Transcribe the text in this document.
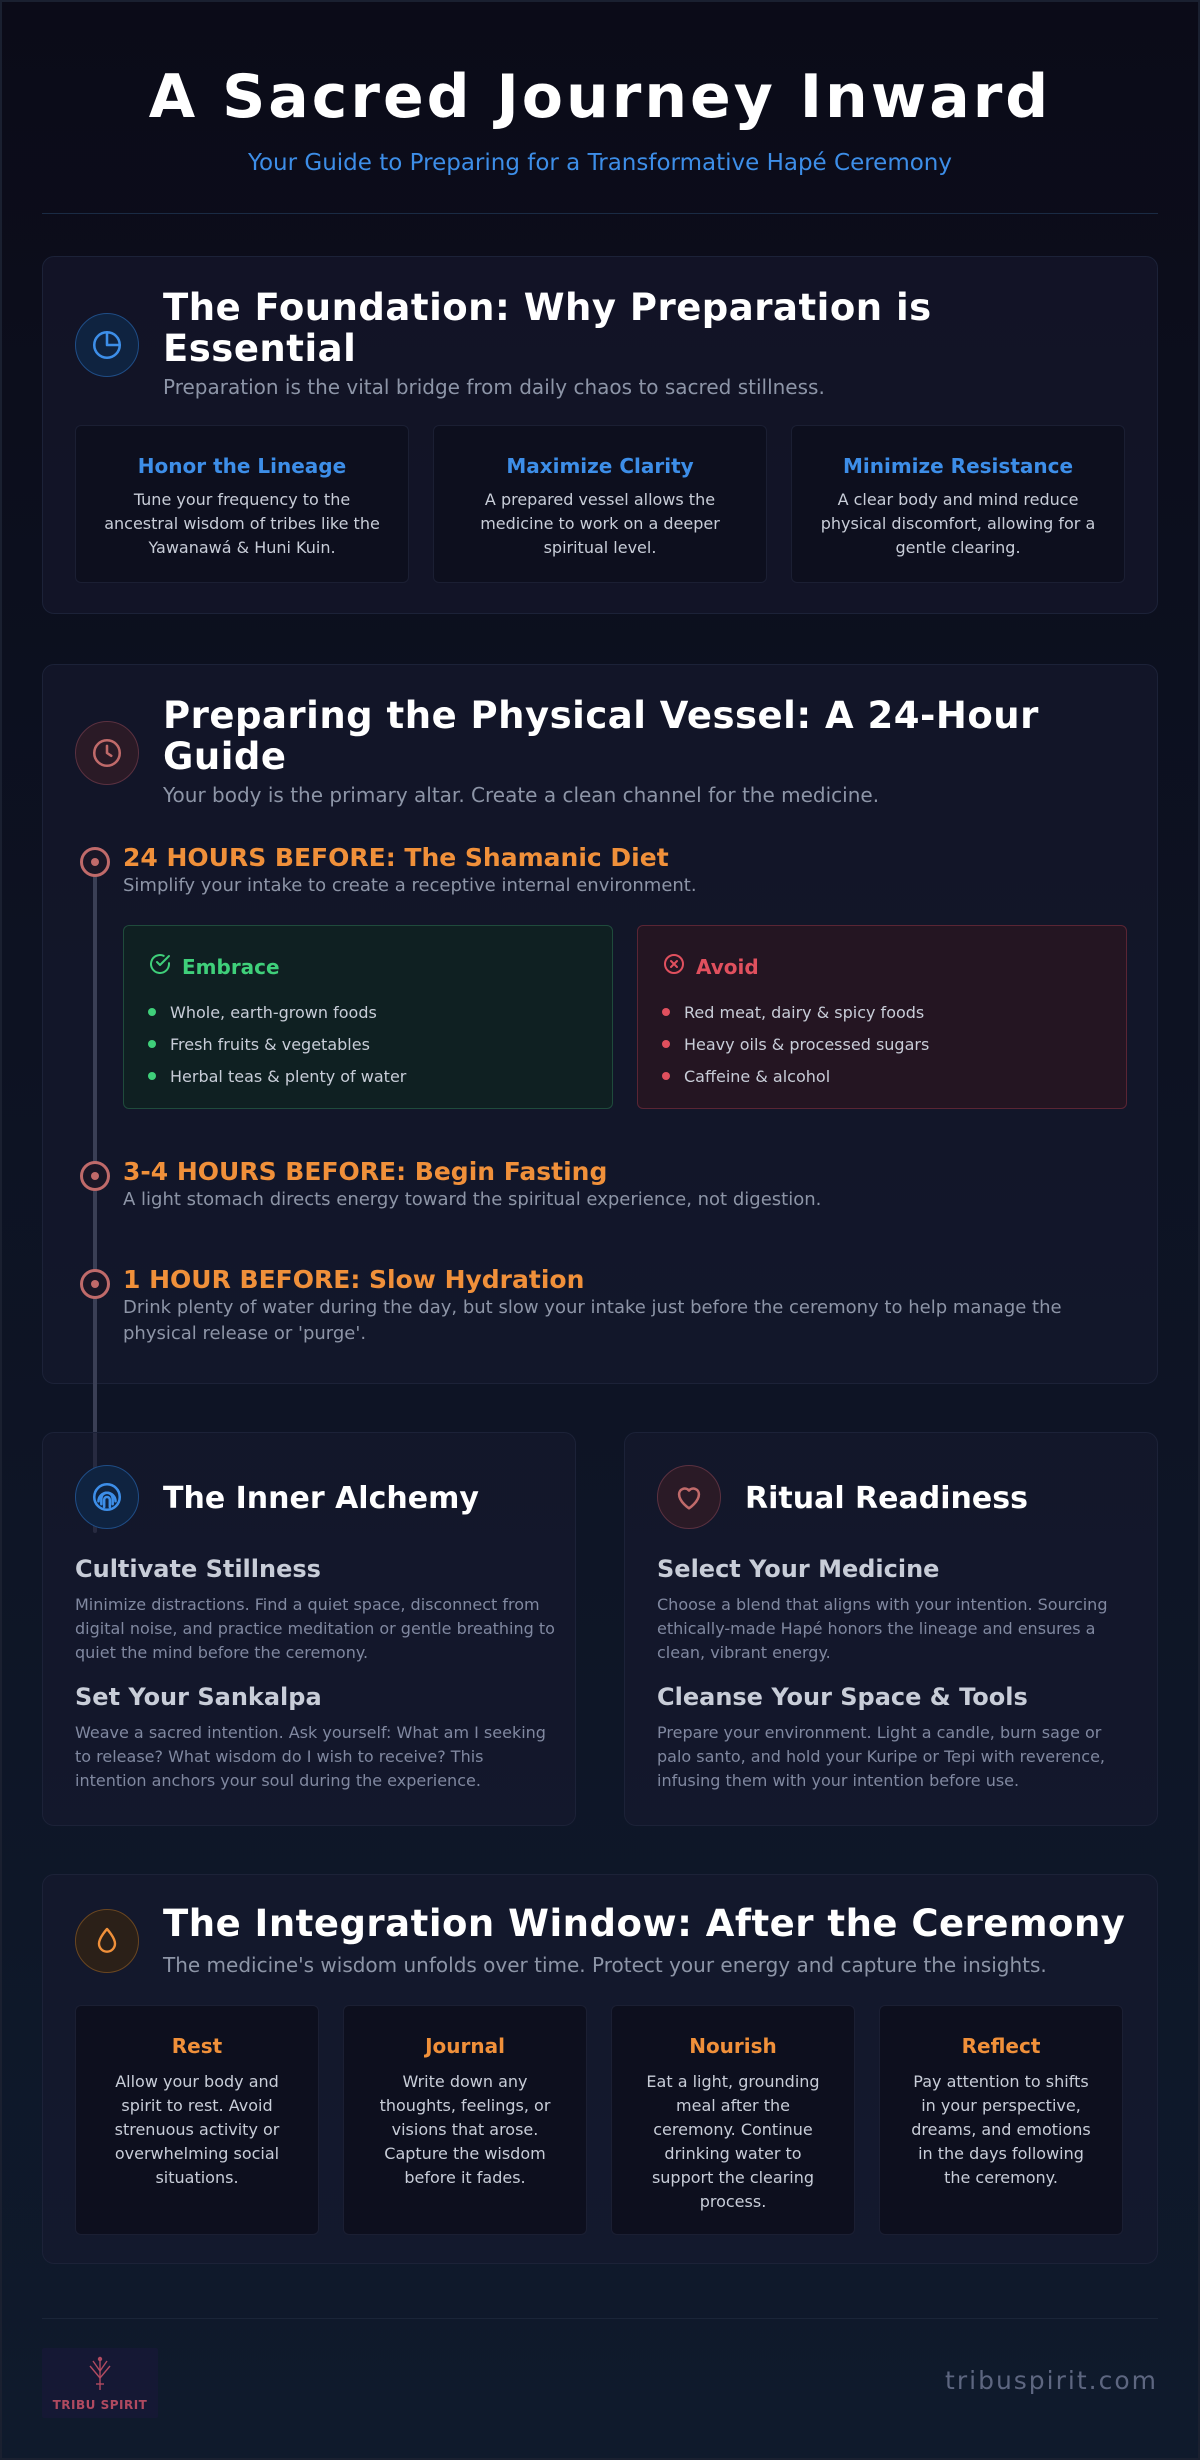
A Sacred Journey Inward

Your Guide to Preparing for a Transformative Hapé Ceremony

The Foundation: Why Preparation is Essential
Preparation is the vital bridge from daily chaos to sacred stillness.
Honor the Lineage
Tune your frequency to the ancestral wisdom of tribes like the Yawanawá & Huni Kuin.
Maximize Clarity
A prepared vessel allows the medicine to work on a deeper spiritual level.
Minimize Resistance
A clear body and mind reduce physical discomfort, allowing for a gentle clearing.
Preparing the Physical Vessel: A 24-Hour Guide
Your body is the primary altar. Create a clean channel for the medicine.
24 HOURS BEFORE: The Shamanic Diet
Simplify your intake to create a receptive internal environment.
Embrace
Whole, earth-grown foods
Fresh fruits & vegetables
Herbal teas & plenty of water
Avoid
Red meat, dairy & spicy foods
Heavy oils & processed sugars
Caffeine & alcohol
3-4 HOURS BEFORE: Begin Fasting
A light stomach directs energy toward the spiritual experience, not digestion.
1 HOUR BEFORE: Slow Hydration
Drink plenty of water during the day, but slow your intake just before the ceremony to help manage the physical release or 'purge'.
The Inner Alchemy
Cultivate Stillness
Minimize distractions. Find a quiet space, disconnect from digital noise, and practice meditation or gentle breathing to quiet the mind before the ceremony.
Set Your Sankalpa
Weave a sacred intention. Ask yourself: What am I seeking to release? What wisdom do I wish to receive? This intention anchors your soul during the experience.
Ritual Readiness
Select Your Medicine
Choose a blend that aligns with your intention. Sourcing ethically-made Hapé honors the lineage and ensures a clean, vibrant energy.
Cleanse Your Space & Tools
Prepare your environment. Light a candle, burn sage or palo santo, and hold your Kuripe or Tepi with reverence, infusing them with your intention before use.
The Integration Window: After the Ceremony
The medicine's wisdom unfolds over time. Protect your energy and capture the insights.
Rest
Allow your body and spirit to rest. Avoid strenuous activity or overwhelming social situations.
Journal
Write down any thoughts, feelings, or visions that arose. Capture the wisdom before it fades.
Nourish
Eat a light, grounding meal after the ceremony. Continue drinking water to support the clearing process.
Reflect
Pay attention to shifts in your perspective, dreams, and emotions in the days following the ceremony.
TRIBU SPIRIT
tribuspirit.com
